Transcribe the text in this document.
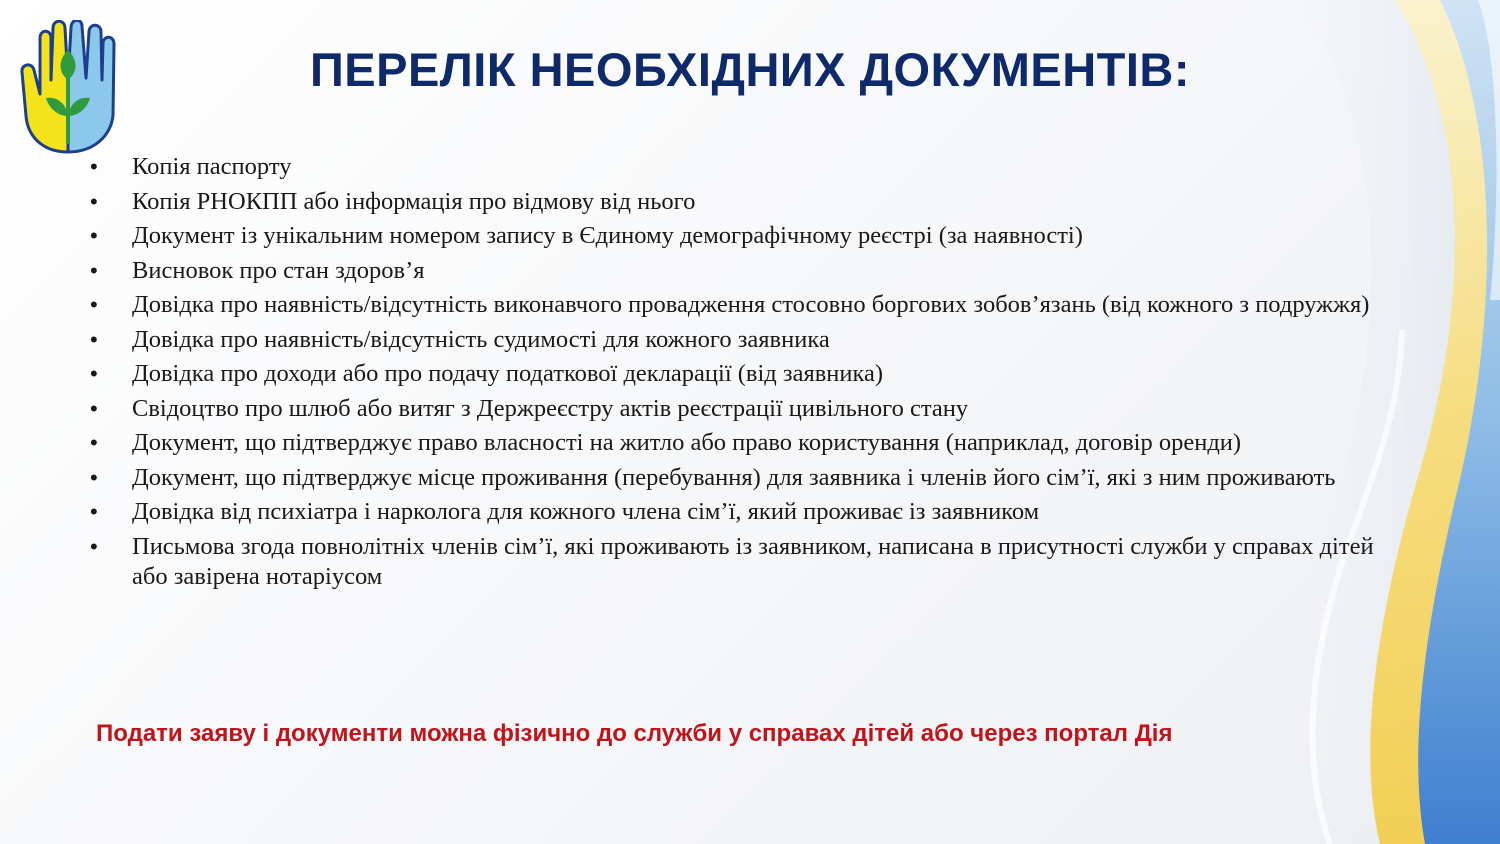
ПЕРЕЛІК НЕОБХІДНИХ ДОКУМЕНТІВ:
• Копія паспорту
• Копія РНОКПП або інформація про відмову від нього
• Документ із унікальним номером запису в Єдиному демографічному реєстрі (за наявності)
• Висновок про стан здоров’я
• Довідка про наявність/відсутність виконавчого провадження стосовно боргових зобов’язань (від кожного з подружжя)
• Довідка про наявність/відсутність судимості для кожного заявника
• Довідка про доходи або про подачу податкової декларації (від заявника)
• Свідоцтво про шлюб або витяг з Держреєстру актів реєстрації цивільного стану
• Документ, що підтверджує право власності на житло або право користування (наприклад, договір оренди)
• Документ, що підтверджує місце проживання (перебування) для заявника і членів його сім’ї, які з ним проживають
• Довідка від психіатра і нарколога для кожного члена сім’ї, який проживає із заявником
• Письмова згода повнолітніх членів сім’ї, які проживають із заявником, написана в присутності служби у справах дітей або завірена нотаріусом

Подати заяву і документи можна фізично до служби у справах дітей або через портал Дія
